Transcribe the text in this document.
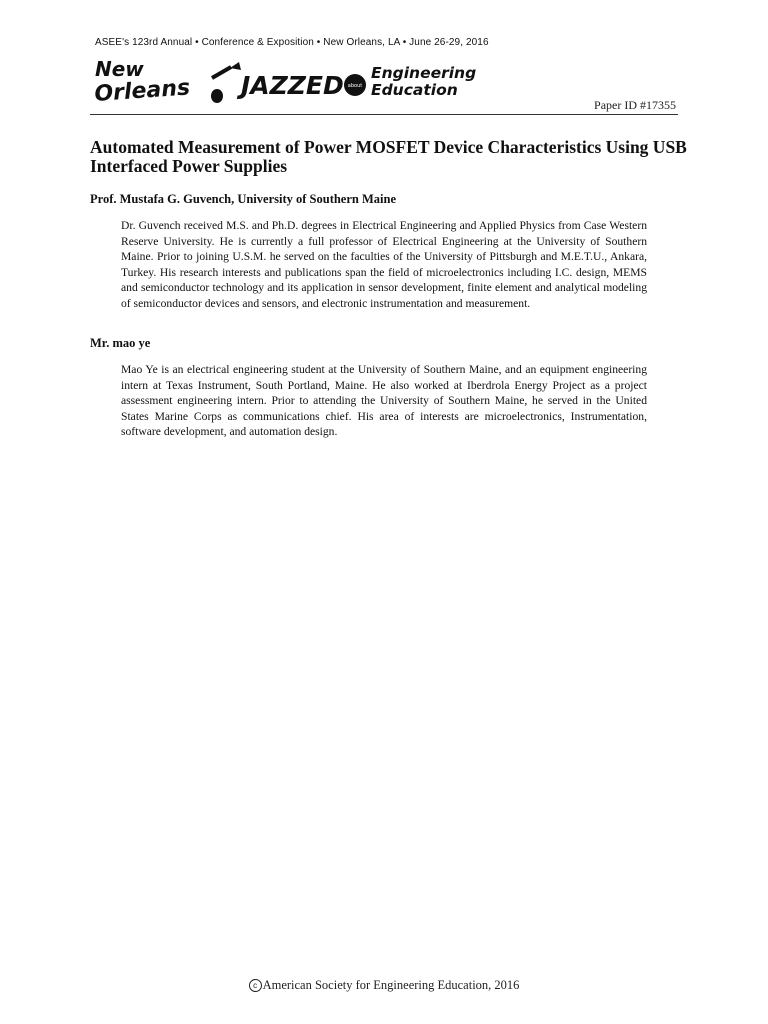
ASEE's 123rd Annual • Conference & Exposition • New Orleans, LA • June 26-29, 2016
New
Orleans JAZZED about
Engineering
Education
Paper ID #17355
Automated Measurement of Power MOSFET Device Characteristics Using USB Interfaced Power Supplies
Prof. Mustafa G. Guvench, University of Southern Maine

Dr. Guvench received M.S. and Ph.D. degrees in Electrical Engineering and Applied Physics from Case Western Reserve University. He is currently a full professor of Electrical Engineering at the University of Southern Maine. Prior to joining U.S.M. he served on the faculties of the University of Pittsburgh and M.E.T.U., Ankara, Turkey. His research interests and publications span the field of microelectronics including I.C. design, MEMS and semiconductor technology and its application in sensor development, finite element and analytical modeling of semiconductor devices and sensors, and electronic instrumentation and measurement.

Mr. mao ye

Mao Ye is an electrical engineering student at the University of Southern Maine, and an equipment engineering intern at Texas Instrument, South Portland, Maine. He also worked at Iberdrola Energy Project as a project assessment engineering intern. Prior to attending the University of Southern Maine, he served in the United States Marine Corps as communications chief. His area of interests are microelectronics, Instrumentation, software development, and automation design.

c American Society for Engineering Education, 2016
